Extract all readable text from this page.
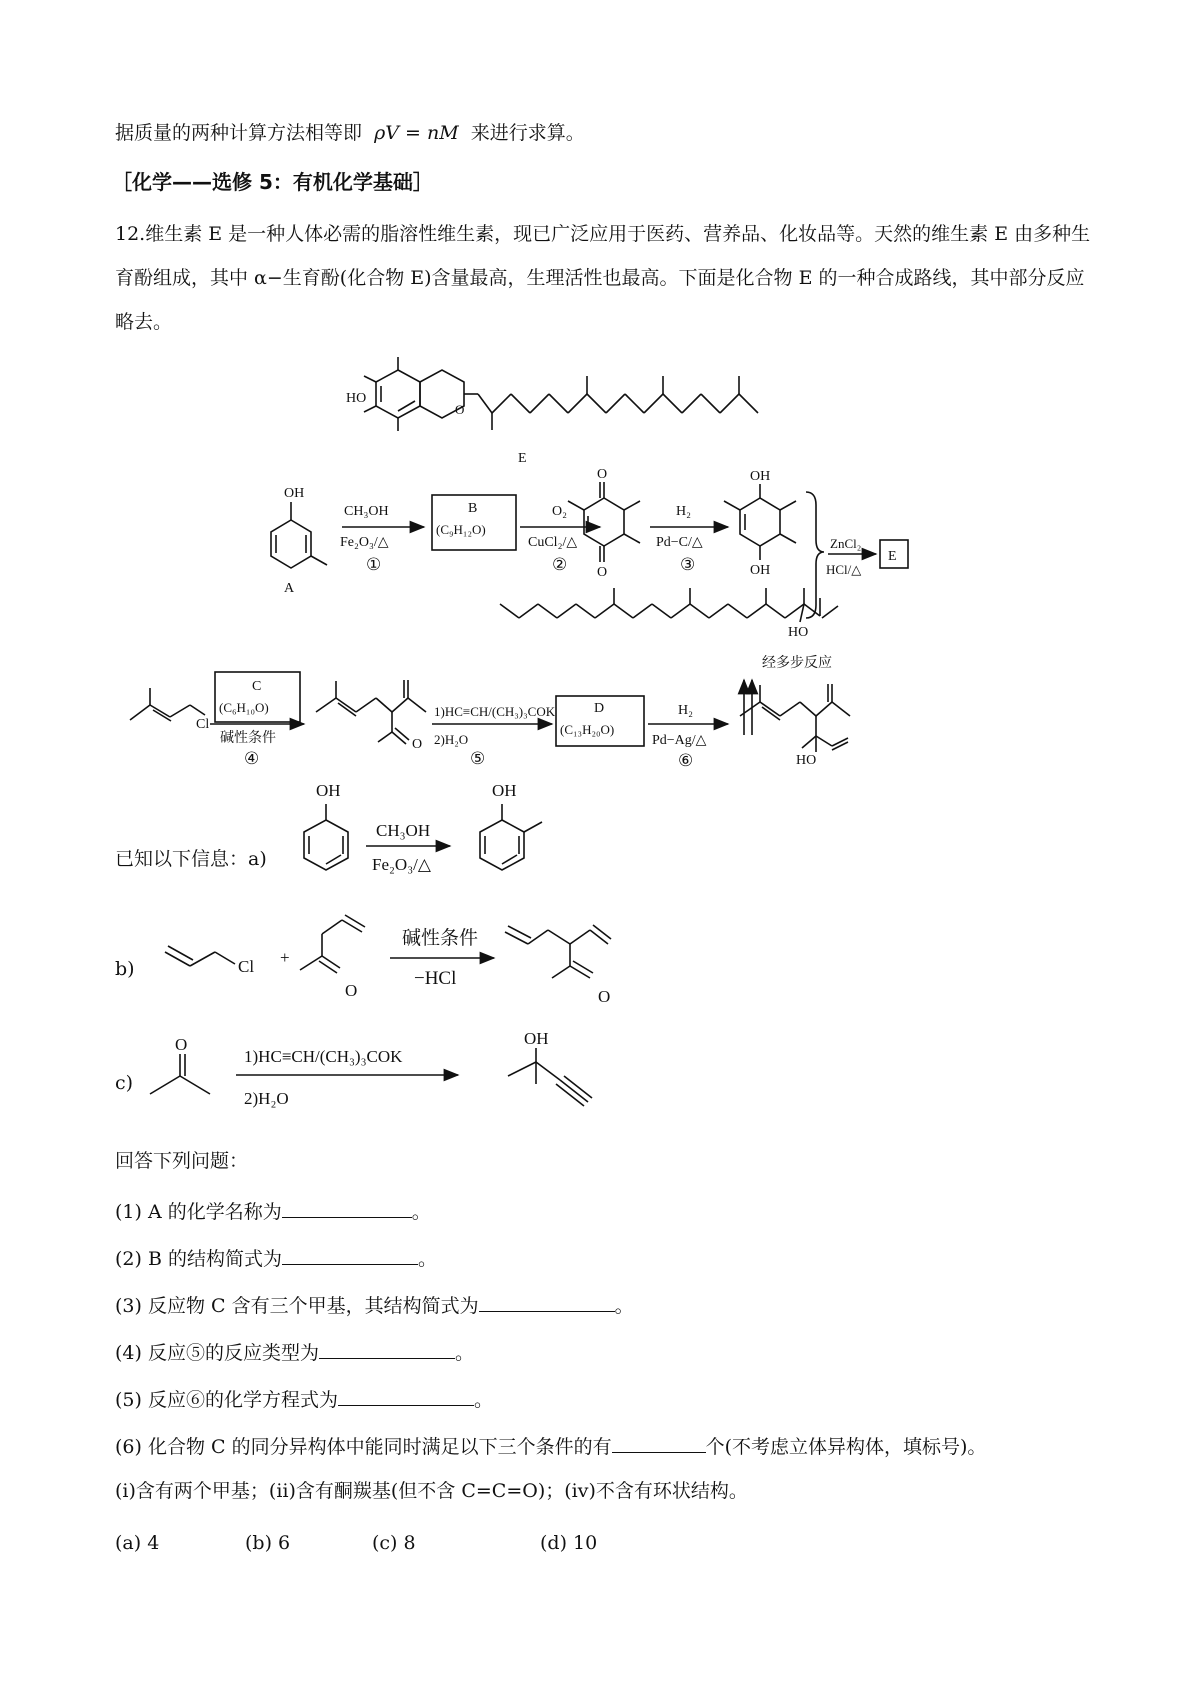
据质量的两种计算方法相等即 ρV = nM 来进行求算。
［化学——选修 5：有机化学基础］
12.维生素 E 是一种人体必需的脂溶性维生素，现已广泛应用于医药、营养品、化妆品等。天然的维生素 E 由多种生育酚组成，其中 α−生育酚(化合物 E)含量最高，生理活性也最高。下面是化合物 E 的一种合成路线，其中部分反应略去。
HO
O
E
OH
A
CH₃OH
Fe₂O₃/△
①
B
(C₉H₁₂O)
O₂
CuCl₂/△
②
O
O
H₂
Pd−C/△
③
OH
OH
ZnCl₂
HCl/△
E
HO
经多步反应
Cl
C
(C₆H₁₀O)
碱性条件
④
O
1)HC≡CH/(CH₃)₃COK
2)H₂O
⑤
D
(C₁₃H₂₀O)
H₂
Pd−Ag/△
⑥	HO
OH
CH₃OH
Fe₂O₃/△
OH
Cl +
O
碱性条件
−HCl
O
O
1)HC≡CH/(CH₃)₃COK
2)H₂O
OH
已知以下信息：a)
b)
c)
回答下列问题：
(1) A 的化学名称为	。
(2) B 的结构简式为	。
(3) 反应物 C 含有三个甲基，其结构简式为	。
(4) 反应⑤的反应类型为	。
(5) 反应⑥的化学方程式为	。
(6) 化合物 C 的同分异构体中能同时满足以下三个条件的有	个(不考虑立体异构体，填标号)。
(ⅰ)含有两个甲基；(ⅱ)含有酮羰基(但不含 C=C=O)；(ⅳ)不含有环状结构。
(a) 4	(b) 6	(c) 8	(d) 10
